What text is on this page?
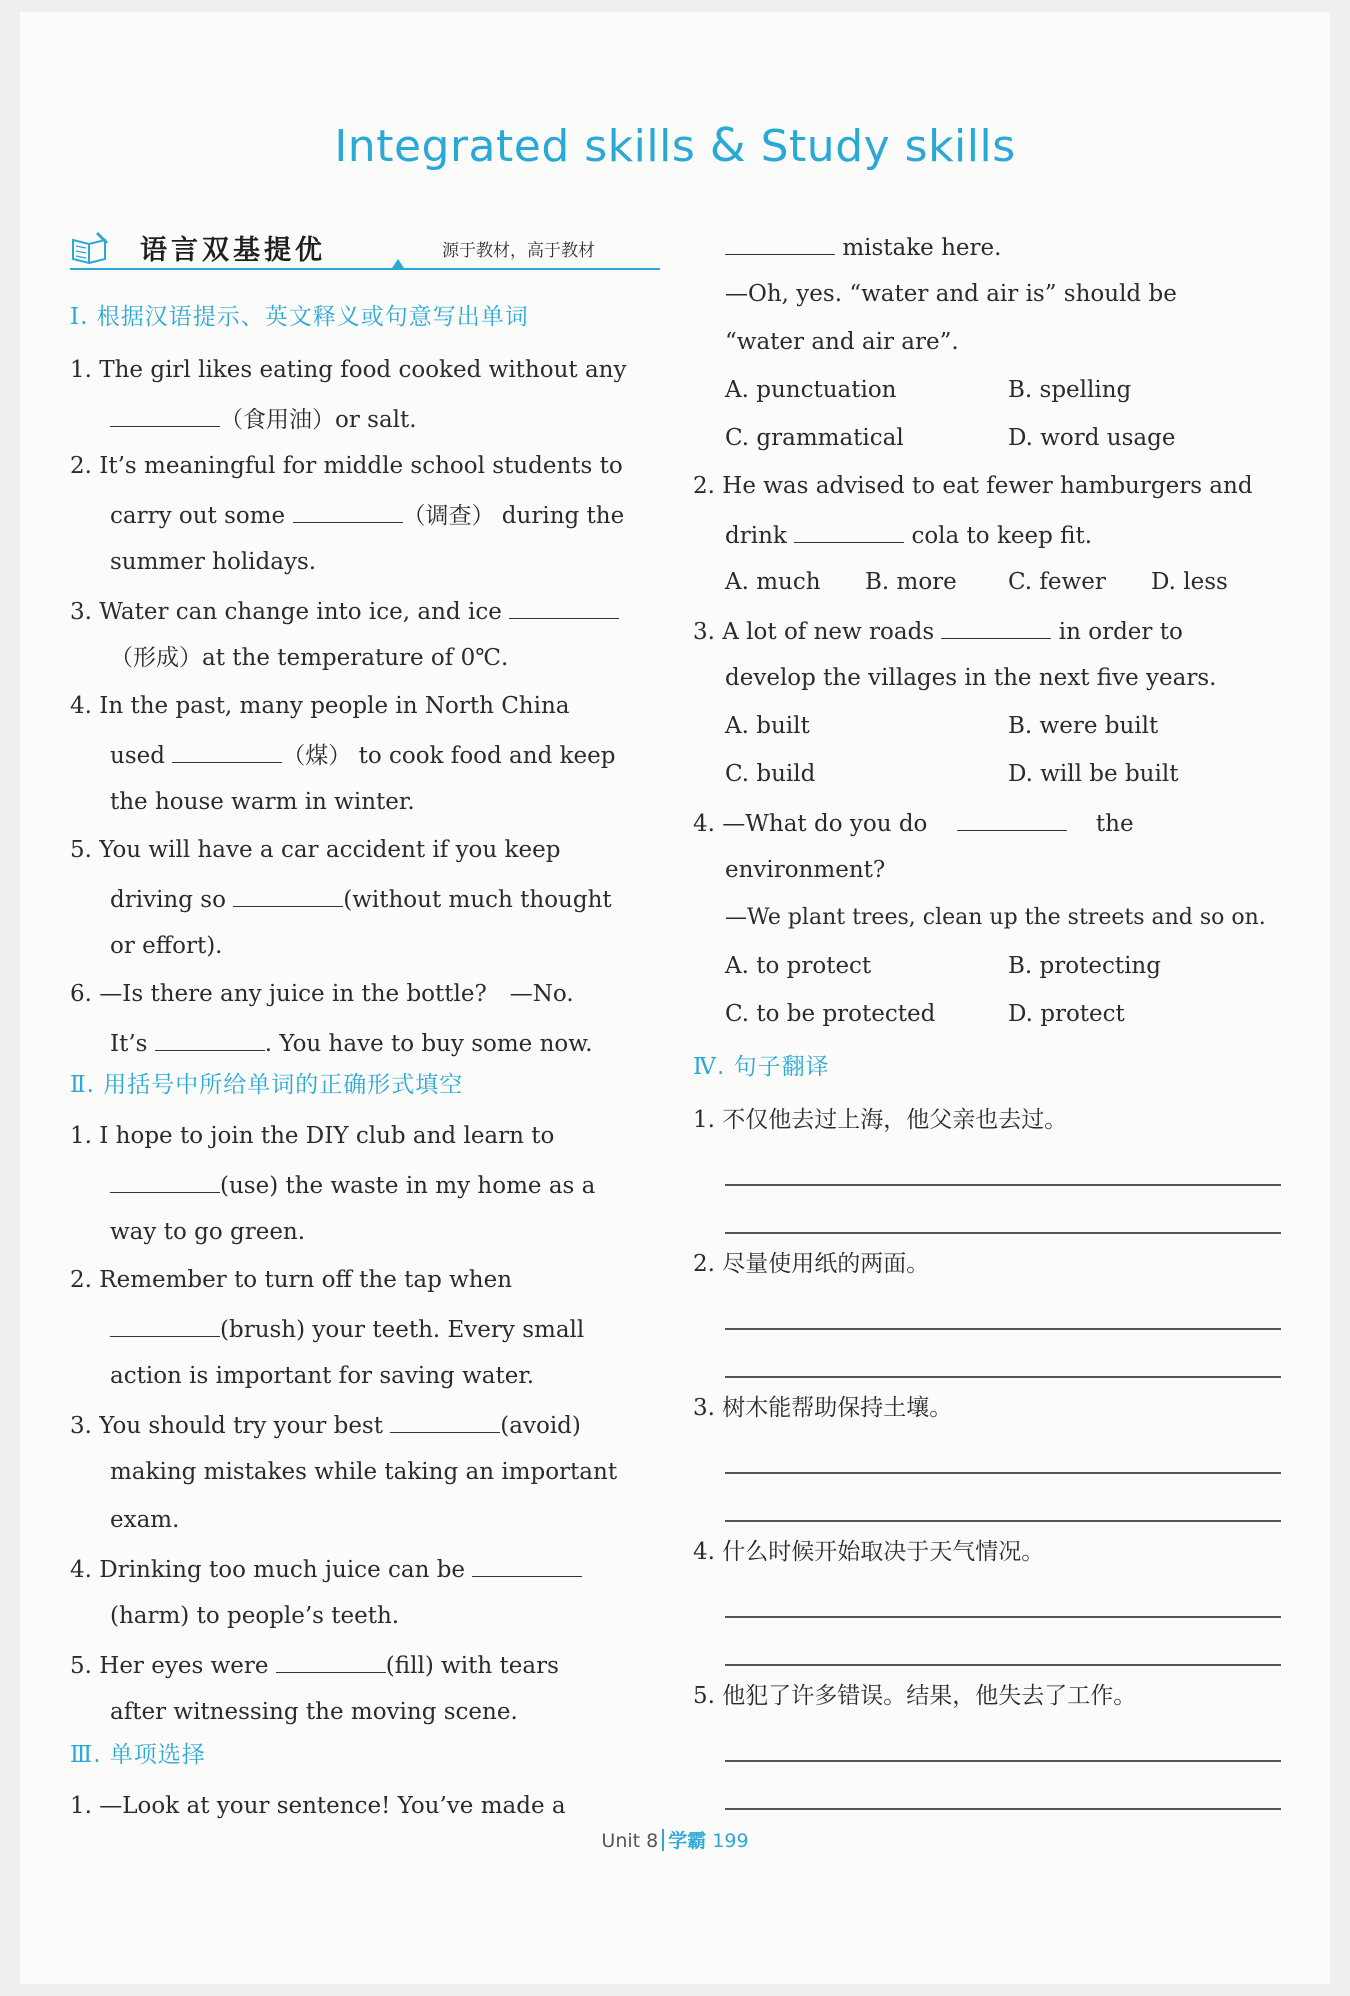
Integrated skills & Study skills
语言双基提优	源于教材，高于教材
Ⅰ. 根据汉语提示、英文释义或句意写出单词
1. The girl likes eating food cooked without any
（食用油）or salt.
2. It’s meaningful for middle school students to
carry out some	（调查） during the
summer holidays.
3. Water can change into ice, and ice
（形成）at the temperature of 0℃.
4. In the past, many people in North China
used	（煤） to cook food and keep
the house warm in winter.
5. You will have a car accident if you keep
driving so	(without much thought
or effort).
6. —Is there any juice in the bottle?　—No.
It’s	. You have to buy some now.
Ⅱ. 用括号中所给单词的正确形式填空
1. I hope to join the DIY club and learn to
(use) the waste in my home as a
way to go green.
2. Remember to turn off the tap when
(brush) your teeth. Every small
action is important for saving water.
3. You should try your best	(avoid)
making mistakes while taking an important
exam.
4. Drinking too much juice can be
(harm) to people’s teeth.
5. Her eyes were	(fill) with tears
after witnessing the moving scene.
Ⅲ. 单项选择
1. —Look at your sentence! You’ve made a
mistake here.
—Oh, yes. “water and air is” should be
“water and air are”.
A. punctuation	B. spelling
C. grammatical	D. word usage
2. He was advised to eat fewer hamburgers and
drink	cola to keep fit.
A. much B. more C. fewer D. less
3. A lot of new roads	in order to
develop the villages in the next five years.
A. built	B. were built
C. build	D. will be built
4. —What do you do	the
environment?
—We plant trees, clean up the streets and so on.
A. to protect	B. protecting
C. to be protected	D. protect
Ⅳ. 句子翻译
1. 不仅他去过上海，他父亲也去过。
2. 尽量使用纸的两面。
3. 树木能帮助保持土壤。
4. 什么时候开始取决于天气情况。
5. 他犯了许多错误。结果，他失去了工作。
Unit 8 学霸 199
